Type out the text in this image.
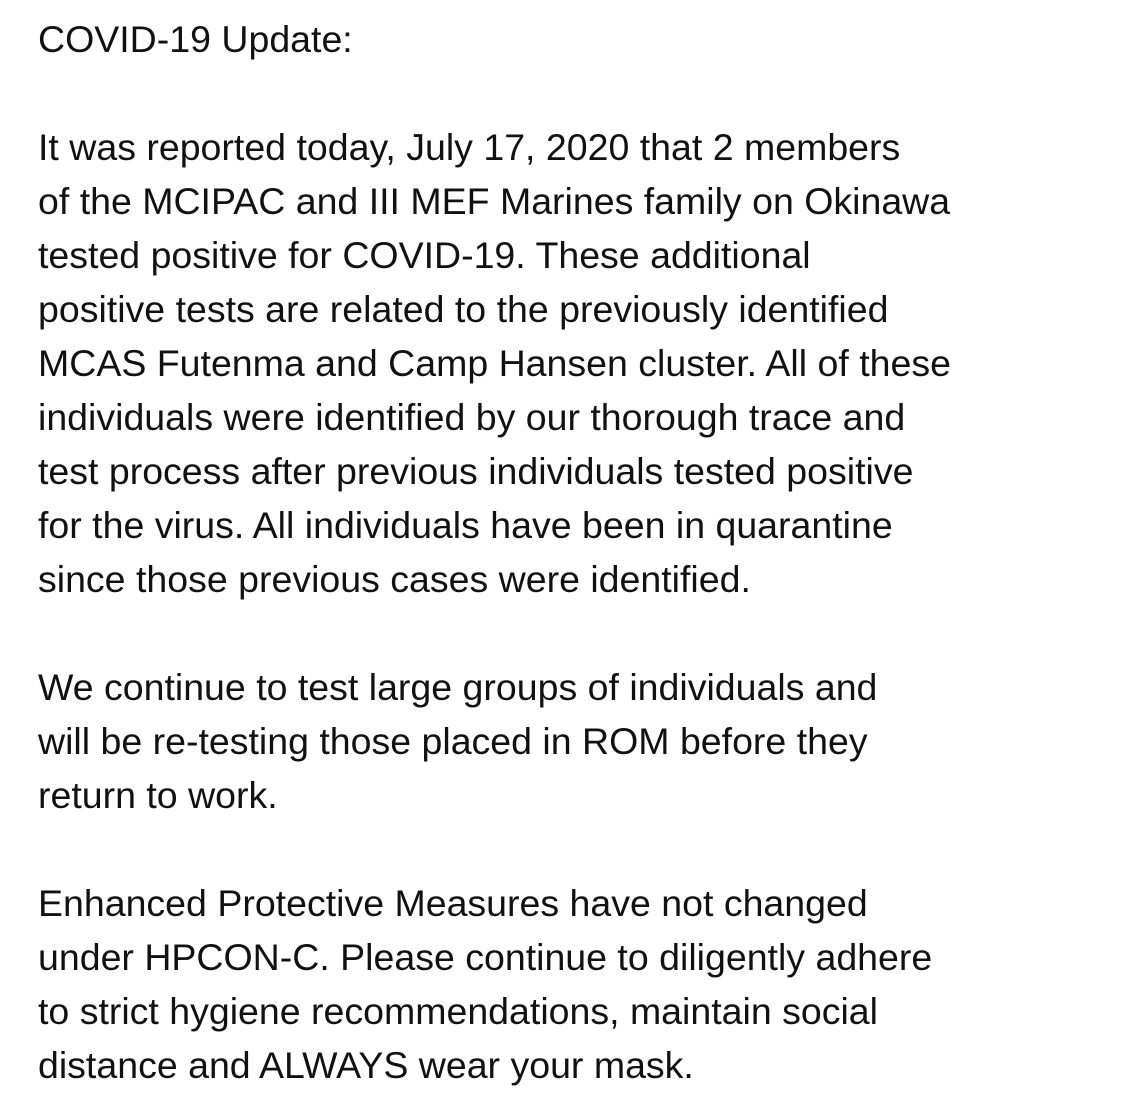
COVID-19 Update:
It was reported today, July 17, 2020 that 2 members
of the MCIPAC and III MEF Marines family on Okinawa
tested positive for COVID-19. These additional
positive tests are related to the previously identified
MCAS Futenma and Camp Hansen cluster. All of these
individuals were identified by our thorough trace and
test process after previous individuals tested positive
for the virus. All individuals have been in quarantine
since those previous cases were identified.
We continue to test large groups of individuals and
will be re-testing those placed in ROM before they
return to work.
Enhanced Protective Measures have not changed
under HPCON-C. Please continue to diligently adhere
to strict hygiene recommendations, maintain social
distance and ALWAYS wear your mask.
